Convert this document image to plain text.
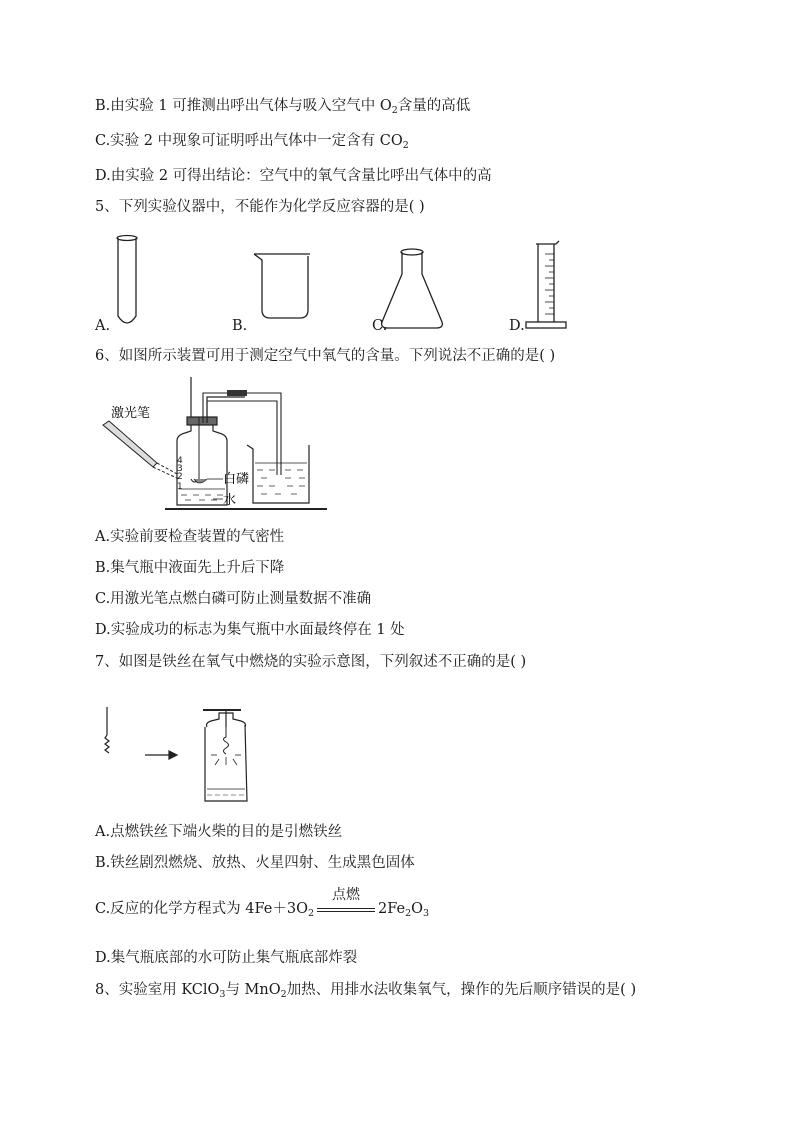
B.由实验 1 可推测出呼出气体与吸入空气中 $O_2$含量的高低
C.实验 2 中现象可证明呼出气体中一定含有 $CO_2$
D.由实验 2 可得出结论：空气中的氧气含量比呼出气体中的高
5、下列实验仪器中，不能作为化学反应容器的是( )
A.	B.	C.	D.
6、如图所示装置可用于测定空气中氧气的含量。下列说法不正确的是( )
激光笔
4
3
2
1	白磷
水
A.实验前要检查装置的气密性
B.集气瓶中液面先上升后下降
C.用激光笔点燃白磷可防止测量数据不准确
D.实验成功的标志为集气瓶中水面最终停在 1 处
7、如图是铁丝在氧气中燃烧的实验示意图，下列叙述不正确的是( )
A.点燃铁丝下端火柴的目的是引燃铁丝
B.铁丝剧烈燃烧、放热、火星四射、生成黑色固体
C.反应的化学方程式为 $4Fe+3O_2$
点燃
$2Fe_2O_3$
D.集气瓶底部的水可防止集气瓶底部炸裂
8、实验室用 KClO$_3$与 MnO$_2$加热、用排水法收集氧气，操作的先后顺序错误的是( )
